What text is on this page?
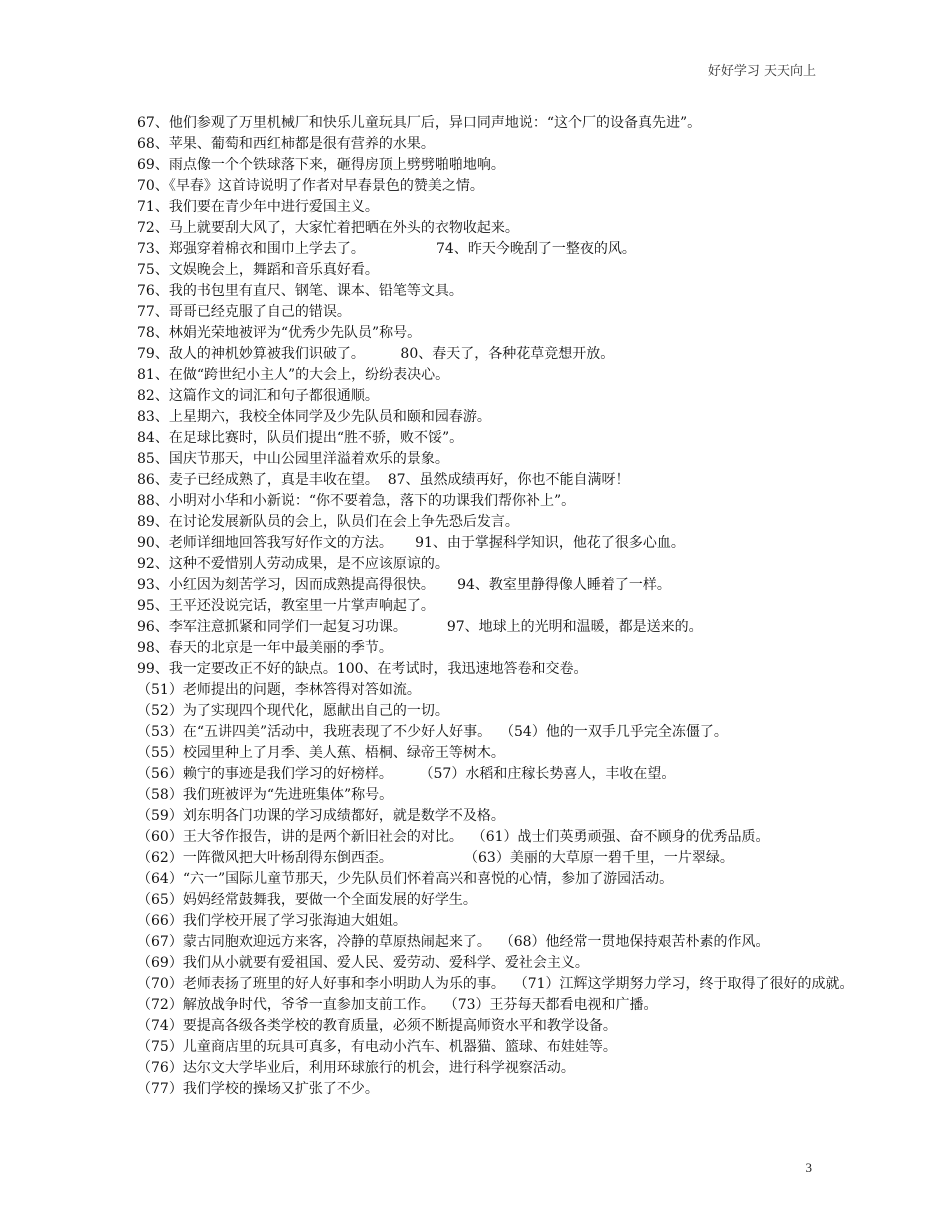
好好学习 天天向上
67、他们参观了万里机械厂和快乐儿童玩具厂后，异口同声地说：“这个厂的设备真先进”。
68、苹果、葡萄和西红柿都是很有营养的水果。
69、雨点像一个个铁球落下来，砸得房顶上劈劈啪啪地响。
70、《早春》这首诗说明了作者对早春景色的赞美之情。
71、我们要在青少年中进行爱国主义。
72、马上就要刮大风了，大家忙着把晒在外头的衣物收起来。
73、郑强穿着棉衣和围巾上学去了。                74、昨天今晚刮了一整夜的风。
75、文娱晚会上，舞蹈和音乐真好看。
76、我的书包里有直尺、钢笔、课本、铅笔等文具。
77、哥哥已经克服了自己的错误。
78、林娟光荣地被评为“优秀少先队员”称号。
79、敌人的神机妙算被我们识破了。        80、春天了，各种花草竞想开放。
81、在做“跨世纪小主人”的大会上，纷纷表决心。
82、这篇作文的词汇和句子都很通顺。
83、上星期六，我校全体同学及少先队员和颐和园春游。
84、在足球比赛时，队员们提出“胜不骄，败不馁”。
85、国庆节那天，中山公园里洋溢着欢乐的景象。
86、麦子已经成熟了，真是丰收在望。  87、虽然成绩再好，你也不能自满呀！
88、小明对小华和小新说：“你不要着急，落下的功课我们帮你补上”。
89、在讨论发展新队员的会上，队员们在会上争先恐后发言。
90、老师详细地回答我写好作文的方法。     91、由于掌握科学知识，他花了很多心血。
92、这种不爱惜别人劳动成果，是不应该原谅的。
93、小红因为刻苦学习，因而成熟提高得很快。     94、教室里静得像人睡着了一样。
95、王平还没说完话，教室里一片掌声响起了。
96、李军注意抓紧和同学们一起复习功课。         97、地球上的光明和温暖，都是送来的。
98、春天的北京是一年中最美丽的季节。
99、我一定要改正不好的缺点。100、在考试时，我迅速地答卷和交卷。
（51）老师提出的问题，李林答得对答如流。
（52）为了实现四个现代化，愿献出自己的一切。
（53）在“五讲四美”活动中，我班表现了不少好人好事。  （54）他的一双手几乎完全冻僵了。
（55）校园里种上了月季、美人蕉、梧桐、绿帝王等树木。
（56）赖宁的事迹是我们学习的好榜样。      （57）水稻和庄稼长势喜人，丰收在望。
（58）我们班被评为“先进班集体”称号。
（59）刘东明各门功课的学习成绩都好，就是数学不及格。
（60）王大爷作报告，讲的是两个新旧社会的对比。  （61）战士们英勇顽强、奋不顾身的优秀品质。
（62）一阵微风把大叶杨刮得东倒西歪。                （63）美丽的大草原一碧千里，一片翠绿。
（64）“六一”国际儿童节那天，少先队员们怀着高兴和喜悦的心情，参加了游园活动。
（65）妈妈经常鼓舞我，要做一个全面发展的好学生。
（66）我们学校开展了学习张海迪大姐姐。
（67）蒙古同胞欢迎远方来客，冷静的草原热闹起来了。  （68）他经常一贯地保持艰苦朴素的作风。
（69）我们从小就要有爱祖国、爱人民、爱劳动、爱科学、爱社会主义。
（70）老师表扬了班里的好人好事和李小明助人为乐的事。  （71）江辉这学期努力学习，终于取得了很好的成就。
（72）解放战争时代，爷爷一直参加支前工作。  （73）王芬每天都看电视和广播。
（74）要提高各级各类学校的教育质量，必须不断提高师资水平和教学设备。
（75）儿童商店里的玩具可真多，有电动小汽车、机器猫、篮球、布娃娃等。
（76）达尔文大学毕业后，利用环球旅行的机会，进行科学视察活动。
（77）我们学校的操场又扩张了不少。
3
